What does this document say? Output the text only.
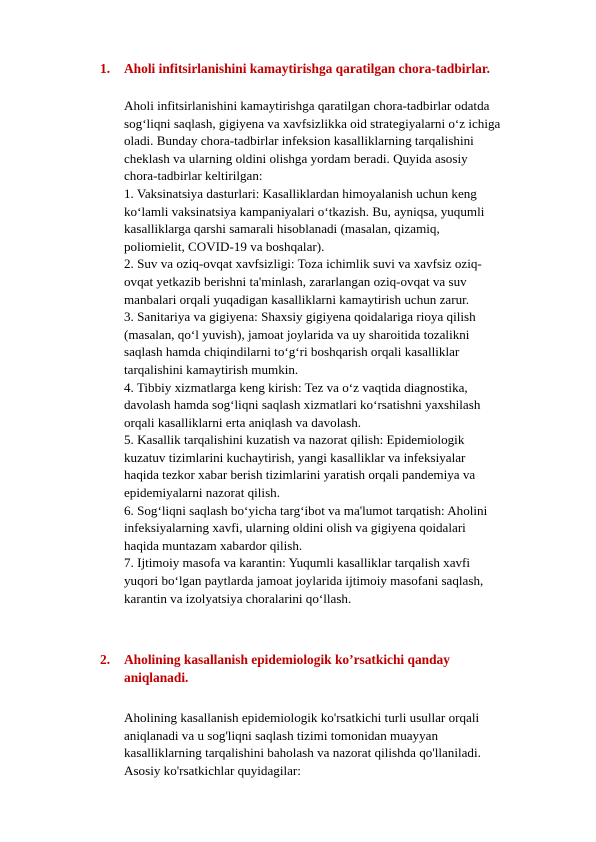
1. Aholi infitsirlanishini kamaytirishga qaratilgan chora-tadbirlar.
Aholi infitsirlanishini kamaytirishga qaratilgan chora-tadbirlar odatda
sog‘liqni saqlash, gigiyena va xavfsizlikka oid strategiyalarni o‘z ichiga
oladi. Bunday chora-tadbirlar infeksion kasalliklarning tarqalishini
cheklash va ularning oldini olishga yordam beradi. Quyida asosiy
chora-tadbirlar keltirilgan:
1. Vaksinatsiya dasturlari: Kasalliklardan himoyalanish uchun keng
ko‘lamli vaksinatsiya kampaniyalari o‘tkazish. Bu, ayniqsa, yuqumli
kasalliklarga qarshi samarali hisoblanadi (masalan, qizamiq,
poliomielit, COVID-19 va boshqalar).
2. Suv va oziq-ovqat xavfsizligi: Toza ichimlik suvi va xavfsiz oziq-
ovqat yetkazib berishni ta'minlash, zararlangan oziq-ovqat va suv
manbalari orqali yuqadigan kasalliklarni kamaytirish uchun zarur.
3. Sanitariya va gigiyena: Shaxsiy gigiyena qoidalariga rioya qilish
(masalan, qo‘l yuvish), jamoat joylarida va uy sharoitida tozalikni
saqlash hamda chiqindilarni to‘g‘ri boshqarish orqali kasalliklar
tarqalishini kamaytirish mumkin.
4. Tibbiy xizmatlarga keng kirish: Tez va o‘z vaqtida diagnostika,
davolash hamda sog‘liqni saqlash xizmatlari ko‘rsatishni yaxshilash
orqali kasalliklarni erta aniqlash va davolash.
5. Kasallik tarqalishini kuzatish va nazorat qilish: Epidemiologik
kuzatuv tizimlarini kuchaytirish, yangi kasalliklar va infeksiyalar
haqida tezkor xabar berish tizimlarini yaratish orqali pandemiya va
epidemiyalarni nazorat qilish.
6. Sog‘liqni saqlash bo‘yicha targ‘ibot va ma'lumot tarqatish: Aholini
infeksiyalarning xavfi, ularning oldini olish va gigiyena qoidalari
haqida muntazam xabardor qilish.
7. Ijtimoiy masofa va karantin: Yuqumli kasalliklar tarqalish xavfi
yuqori bo‘lgan paytlarda jamoat joylarida ijtimoiy masofani saqlash,
karantin va izolyatsiya choralarini qo‘llash.
2. Aholining kasallanish epidemiologik ko’rsatkichi qanday
aniqlanadi.
Aholining kasallanish epidemiologik ko'rsatkichi turli usullar orqali
aniqlanadi va u sog'liqni saqlash tizimi tomonidan muayyan
kasalliklarning tarqalishini baholash va nazorat qilishda qo'llaniladi.
Asosiy ko'rsatkichlar quyidagilar:
